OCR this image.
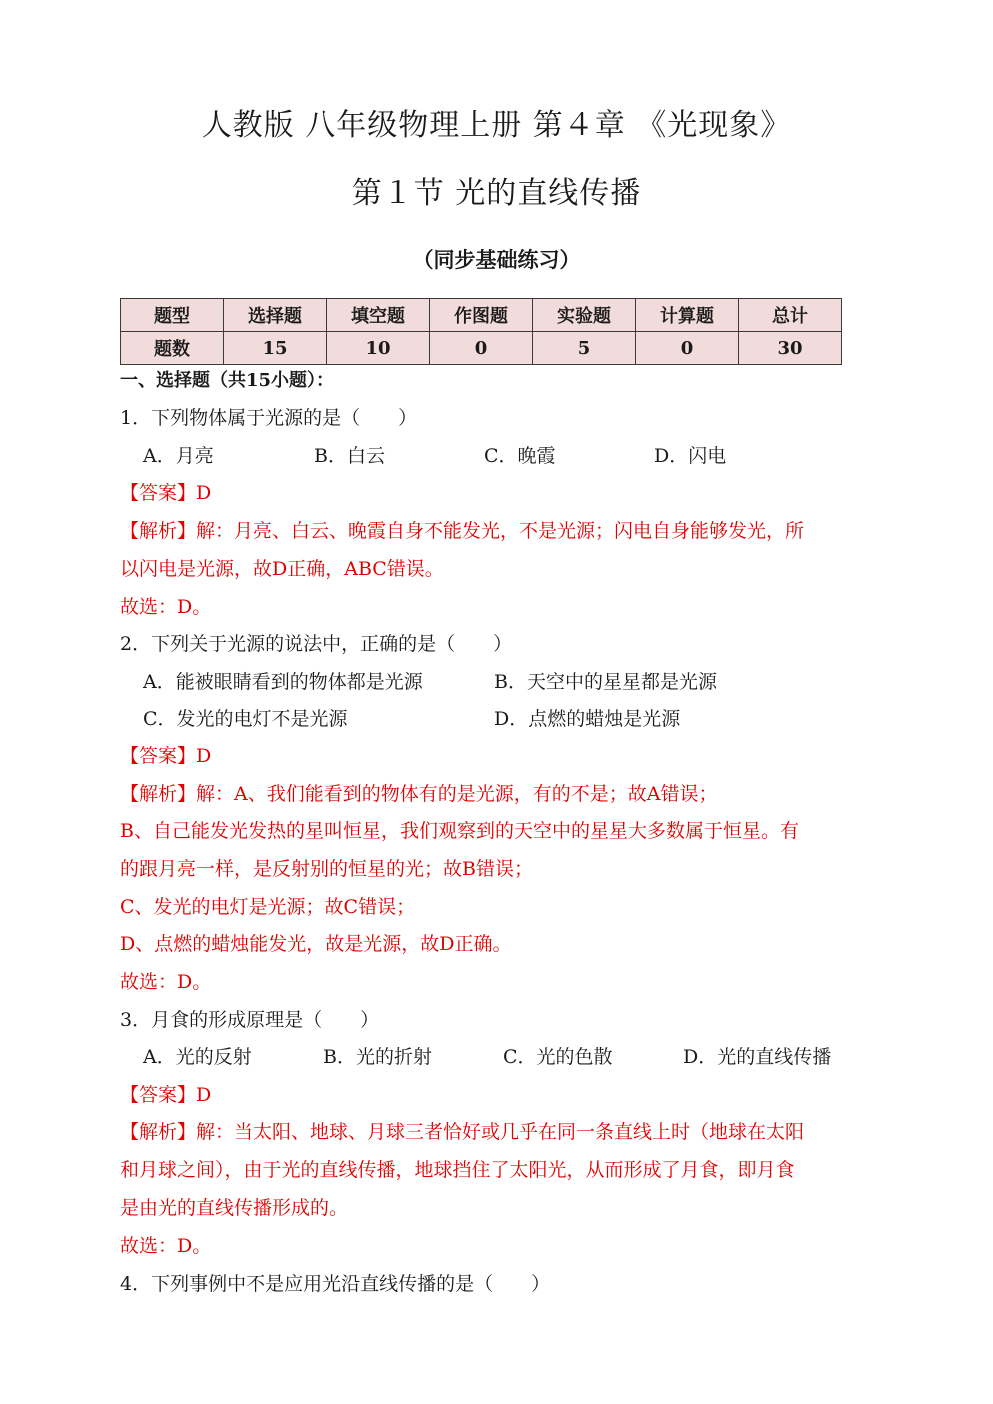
人教版 八年级物理上册 第４章 《光现象》
第１节 光的直线传播
（同步基础练习）
题型	选择题	填空题	作图题	实验题	计算题	总计
题数	15	10	0	5	0	30
一、选择题（共15小题）：
1．下列物体属于光源的是（　　）
A．月亮	B．白云	C．晚霞	D．闪电
【答案】D
【解析】解：月亮、白云、晚霞自身不能发光，不是光源；闪电自身能够发光，所
以闪电是光源，故D正确，ABC错误。
故选：D。
2．下列关于光源的说法中，正确的是（　　）
A．能被眼睛看到的物体都是光源	B．天空中的星星都是光源
C．发光的电灯不是光源	D．点燃的蜡烛是光源
【答案】D
【解析】解：A、我们能看到的物体有的是光源，有的不是；故A错误；
B、自己能发光发热的星叫恒星，我们观察到的天空中的星星大多数属于恒星。有
的跟月亮一样，是反射别的恒星的光；故B错误；
C、发光的电灯是光源；故C错误；
D、点燃的蜡烛能发光，故是光源，故D正确。
故选：D。
3．月食的形成原理是（　　）
A．光的反射	B．光的折射	C．光的色散	D．光的直线传播
【答案】D
【解析】解：当太阳、地球、月球三者恰好或几乎在同一条直线上时（地球在太阳
和月球之间），由于光的直线传播，地球挡住了太阳光，从而形成了月食，即月食
是由光的直线传播形成的。
故选：D。
4．下列事例中不是应用光沿直线传播的是（　　）
